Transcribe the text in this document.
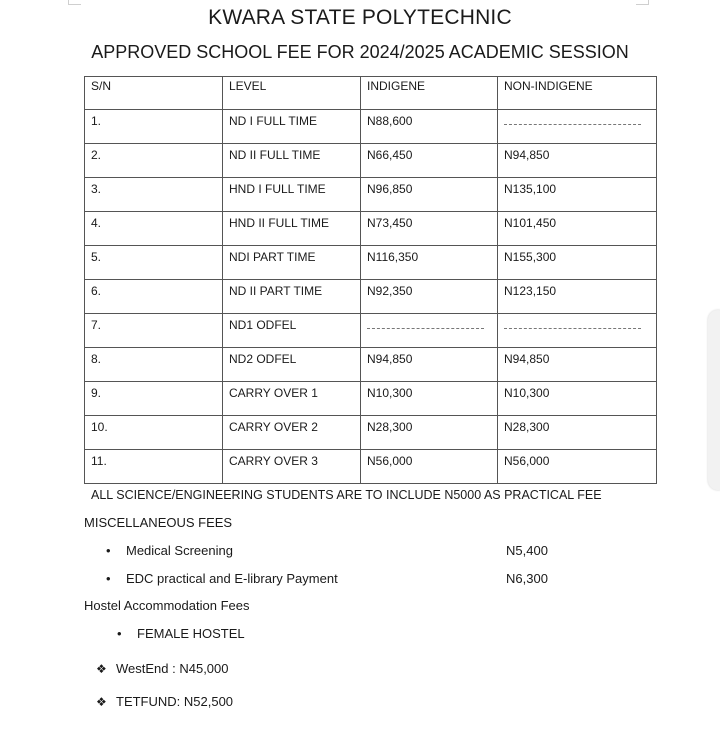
KWARA STATE POLYTECHNIC
APPROVED SCHOOL FEE FOR 2024/2025 ACADEMIC SESSION
S/N	LEVEL	INDIGENE	NON-INDIGENE
1.	ND I FULL TIME	N88,600	
2.	ND II FULL TIME	N66,450	N94,850
3.	HND I FULL TIME	N96,850	N135,100
4.	HND II FULL TIME	N73,450	N101,450
5.	NDI PART TIME	N116,350	N155,300
6.	ND II PART TIME	N92,350	N123,150
7.	ND1 ODFEL		
8.	ND2 ODFEL	N94,850	N94,850
9.	CARRY OVER 1	N10,300	N10,300
10.	CARRY OVER 2	N28,300	N28,300
11.	CARRY OVER 3	N56,000	N56,000
ALL SCIENCE/ENGINEERING STUDENTS ARE TO INCLUDE N5000 AS PRACTICAL FEE
MISCELLANEOUS FEES
• Medical Screening	N5,400
• EDC practical and E-library Payment	N6,300
Hostel Accommodation Fees
• FEMALE HOSTEL
❖ WestEnd : N45,000
❖ TETFUND: N52,500
